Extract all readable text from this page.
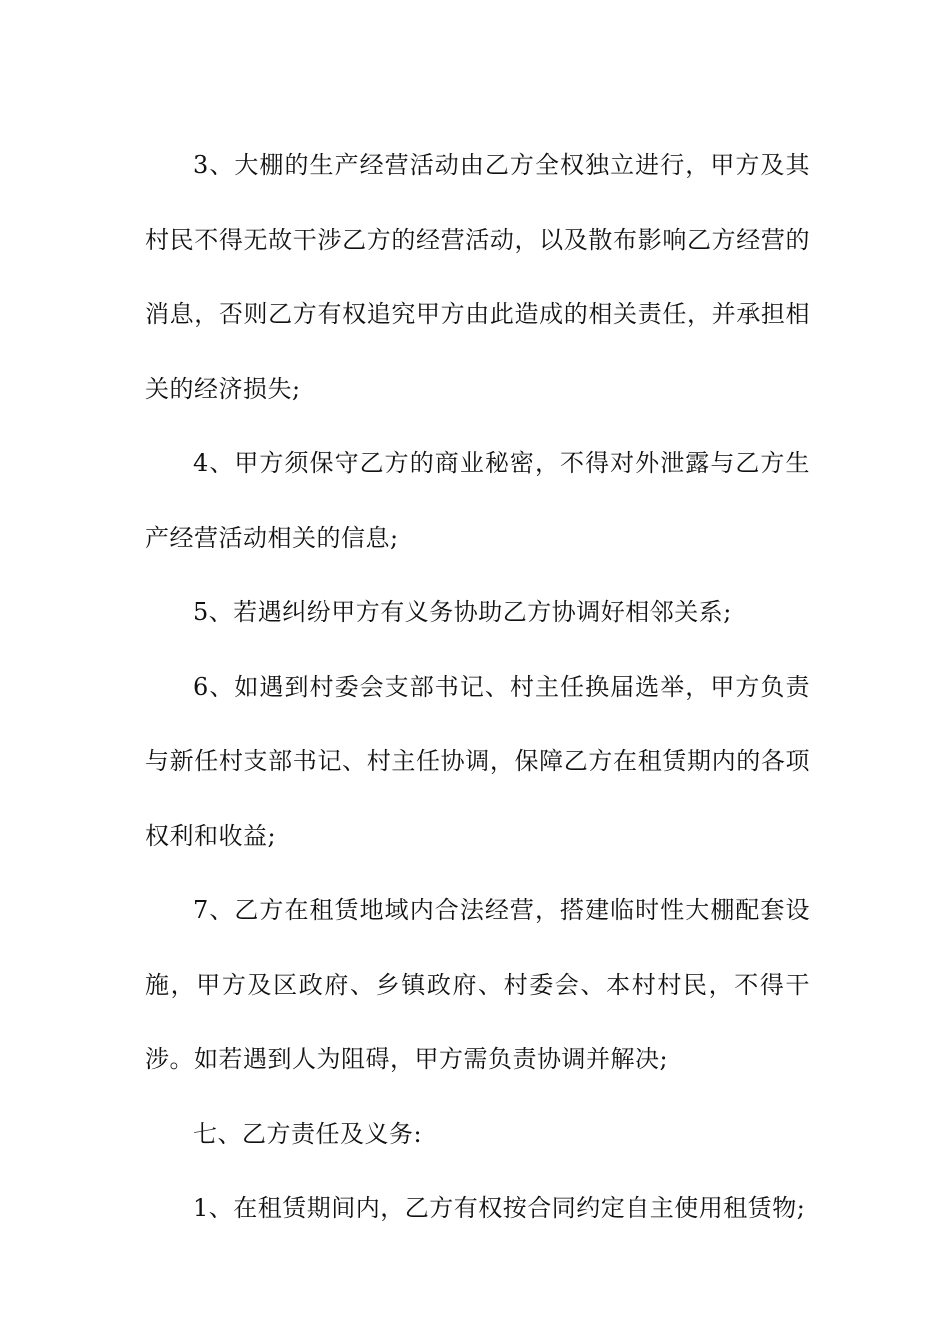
3、大棚的生产经营活动由乙方全权独立进行，甲方及其村民不得无故干涉乙方的经营活动，以及散布影响乙方经营的消息，否则乙方有权追究甲方由此造成的相关责任，并承担相关的经济损失;

4、甲方须保守乙方的商业秘密，不得对外泄露与乙方生产经营活动相关的信息;

5、若遇纠纷甲方有义务协助乙方协调好相邻关系;

6、如遇到村委会支部书记、村主任换届选举，甲方负责与新任村支部书记、村主任协调，保障乙方在租赁期内的各项权利和收益;

7、乙方在租赁地域内合法经营，搭建临时性大棚配套设施，甲方及区政府、乡镇政府、村委会、本村村民，不得干涉。如若遇到人为阻碍，甲方需负责协调并解决;

七、乙方责任及义务:

1、在租赁期间内，乙方有权按合同约定自主使用租赁物;
